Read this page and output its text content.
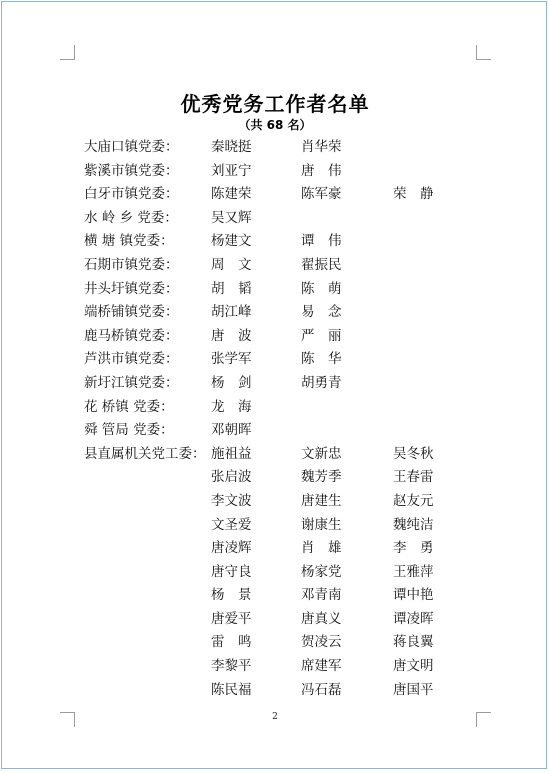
优秀党务工作者名单
（共 68 名）
大庙口镇党委：	秦晓挺	肖华荣
紫溪市镇党委：	刘亚宁	唐　伟
白牙市镇党委：	陈建荣	陈军豪	荣　静
水 岭 乡 党委：	吴又辉
横 塘 镇党委：	杨建文	谭　伟
石期市镇党委：	周　文	翟振民
井头圩镇党委：	胡　韬	陈　萌
端桥铺镇党委：	胡江峰	易　念
鹿马桥镇党委：	唐　波	严　丽
芦洪市镇党委：	张学军	陈　华
新圩江镇党委：	杨　剑	胡勇青
花 桥镇 党委：	龙　海
舜 管局 党委：	邓朝晖
县直属机关党工委： 施祖益	文新忠	吴冬秋
张启波	魏芳季	王春雷
李文波	唐建生	赵友元
文圣爱	谢康生	魏纯洁
唐凌辉	肖　雄	李　勇
唐守良	杨家党	王雅萍
杨　景	邓青南	谭中艳
唐爱平	唐真义	谭凌晖
雷　鸣	贺凌云	蒋良翼
李黎平	席建军	唐文明
陈民福	冯石磊	唐国平
2
